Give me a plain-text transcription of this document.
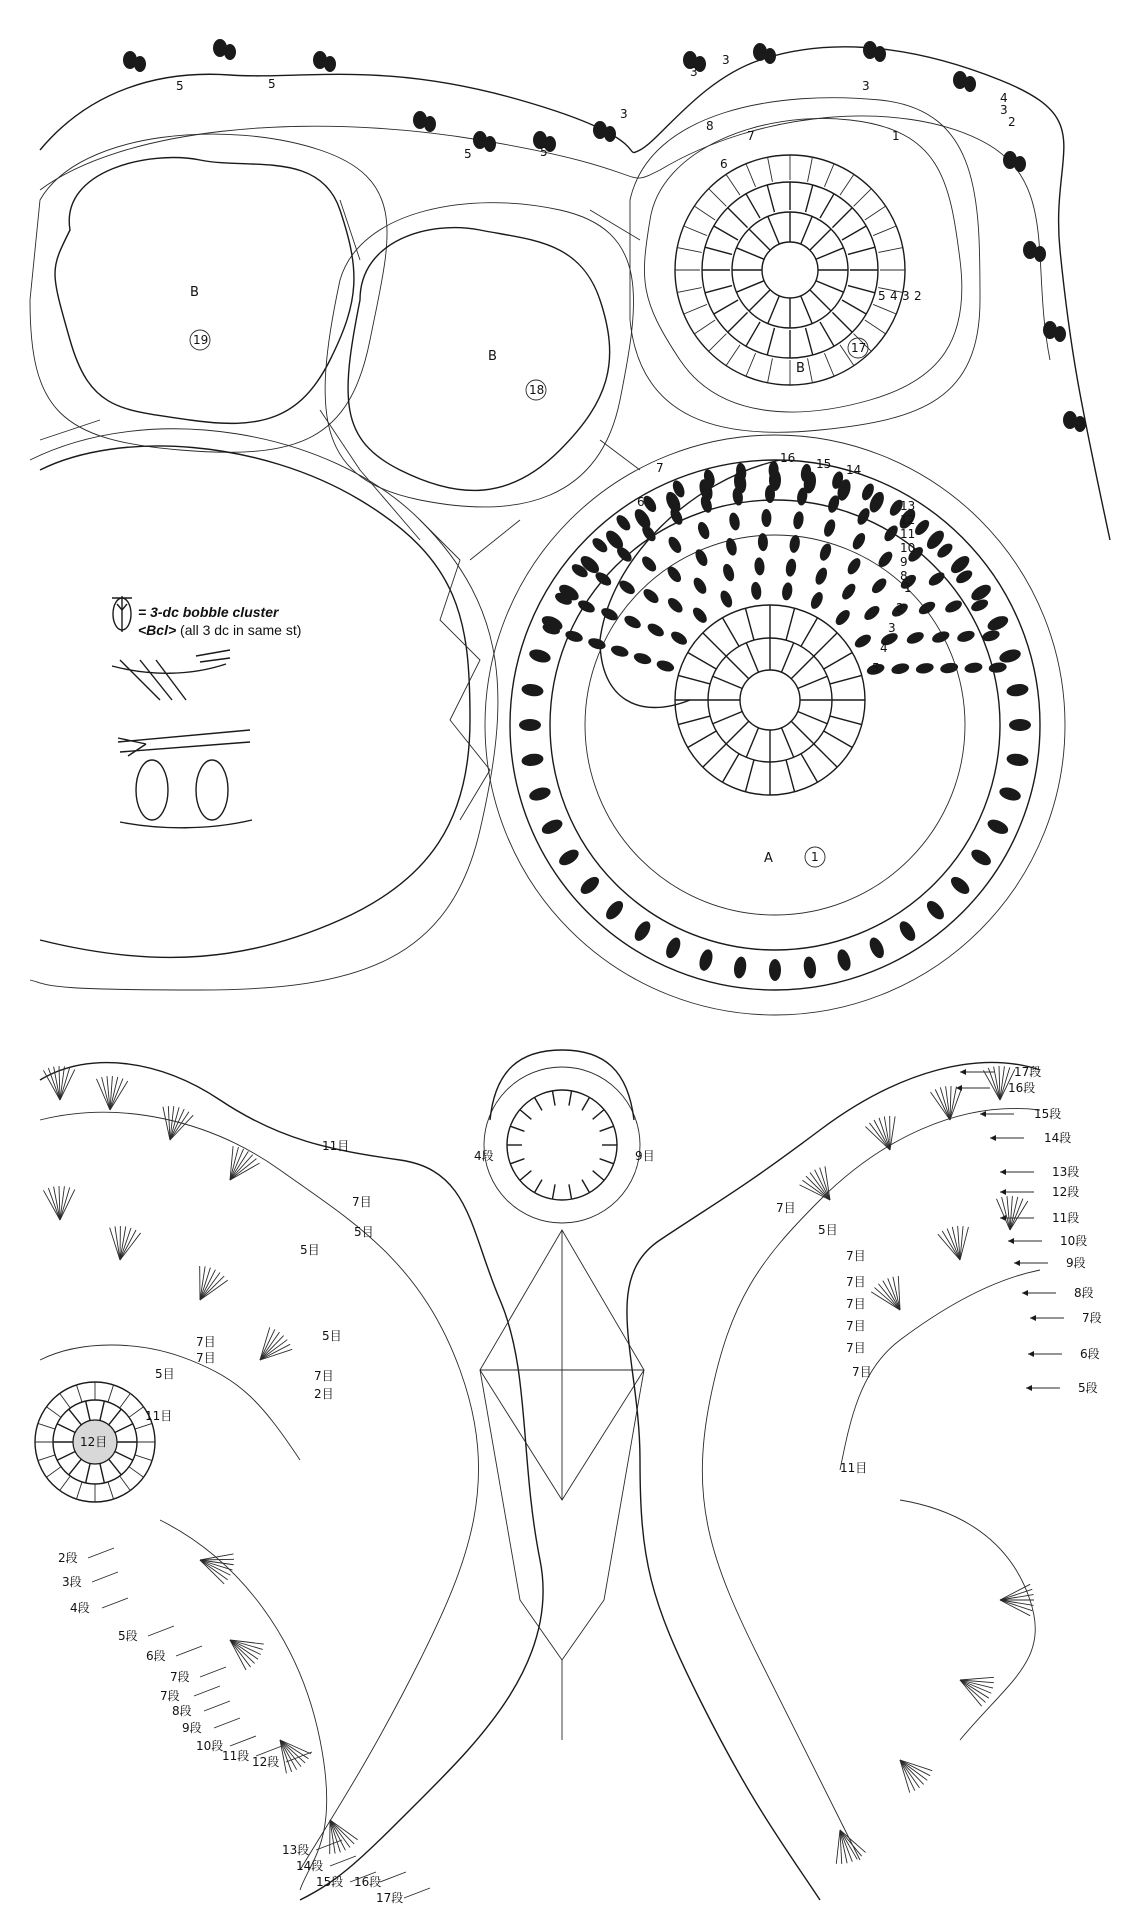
B
19
B
18
B
17
6
7
8
5 4 3 2
A	1
6
7
5
4
3
2
1
8
9
10
11
12
13
14
15
16
5	5
5	5
3
3
3
3
4
3
2
1
= 3-dc bobble cluster
<Bcl> (all 3 dc in same st)
12目
4段	9目
11目
7目
5目
5目
7目
7目
5目	7目
2目
5目
11目
2段
3段
4段
5段
6段
7段
7段
8段
9段
10段
11段 12段
13段
14段
15段 16段
17段
7目
5目
7目
7目
7目
7目
7目
7目
11目
17段
16段
15段
14段
13段
12段
11段
10段
9段
8段
7段
6段
5段
